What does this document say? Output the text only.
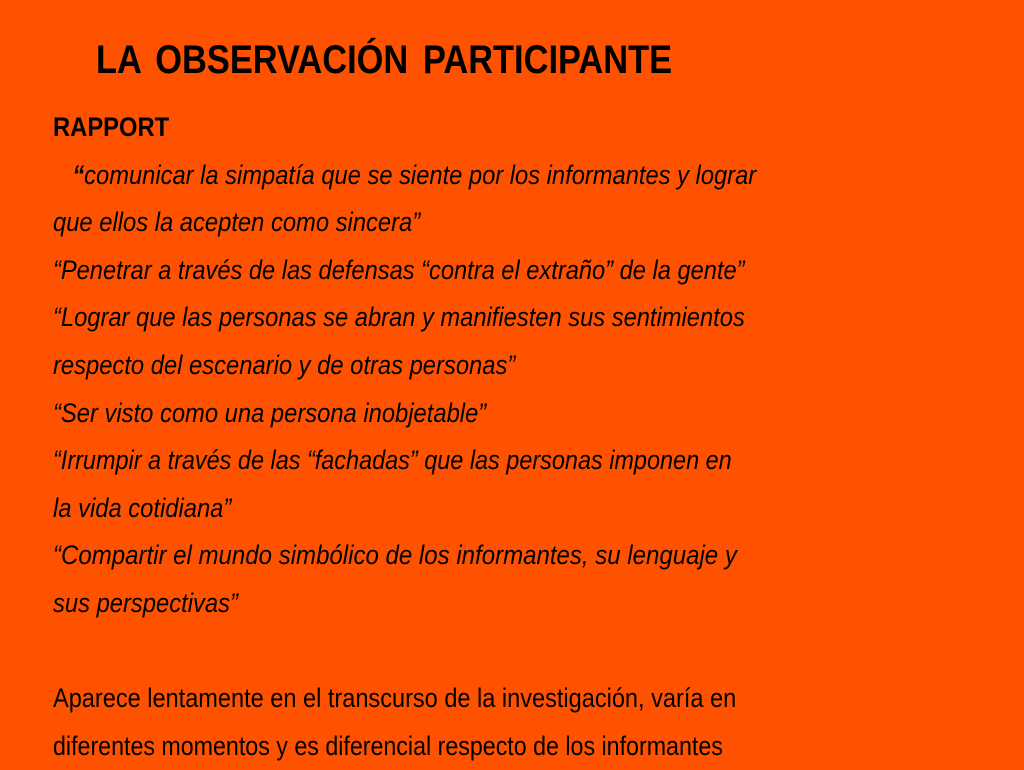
LA OBSERVACIÓN PARTICIPANTE
RAPPORT
“comunicar la simpatía que se siente por los informantes y lograr
que ellos la acepten como sincera”
“Penetrar a través de las defensas “contra el extraño” de la gente”
“Lograr que las personas se abran y manifiesten sus sentimientos
respecto del escenario y de otras personas”
“Ser visto como una persona inobjetable”
“Irrumpir a través de las “fachadas” que las personas imponen en
la vida cotidiana”
“Compartir el mundo simbólico de los informantes, su lenguaje y
sus perspectivas”
Aparece lentamente en el transcurso de la investigación, varía en
diferentes momentos y es diferencial respecto de los informantes
